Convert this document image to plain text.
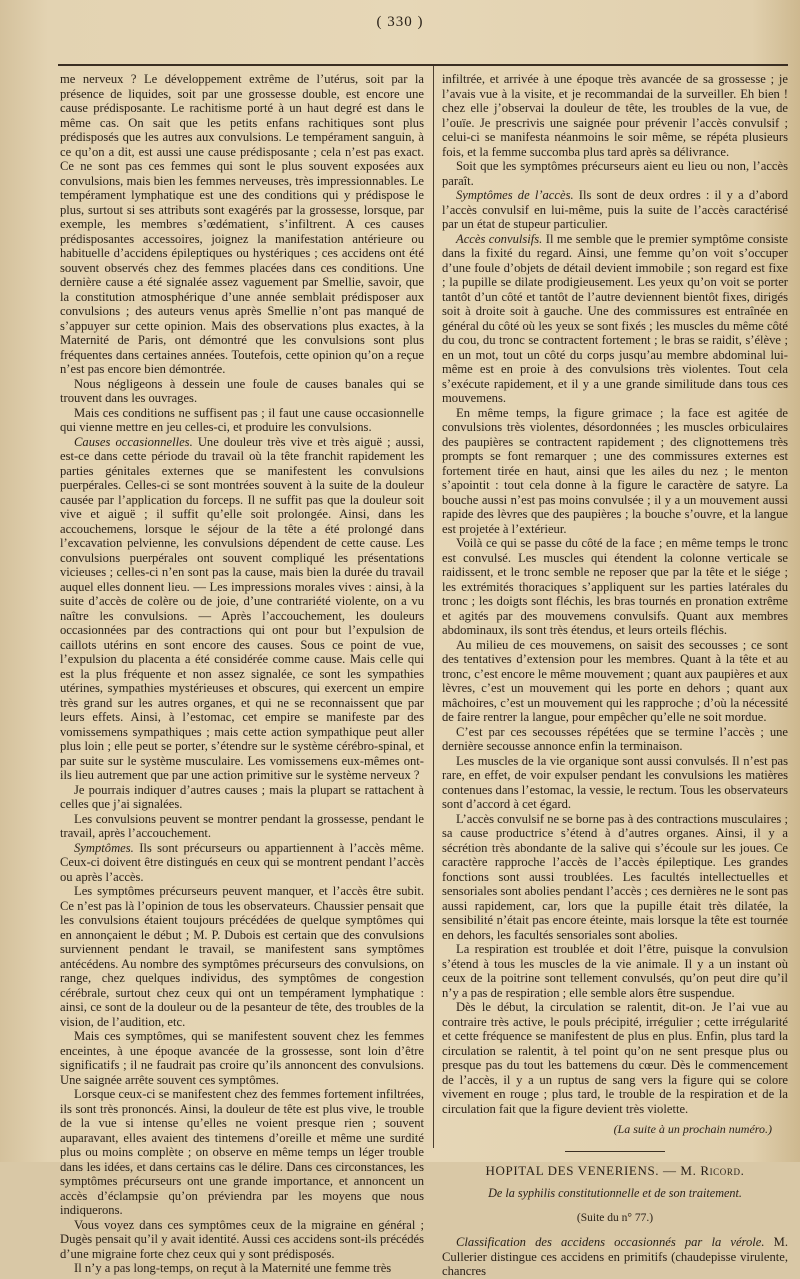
( 330 )

me nerveux ? Le développement extrême de l’utérus, soit par la présence de liquides, soit par une grossesse double, est encore une cause prédisposante. Le rachitisme porté à un haut degré est dans le même cas. On sait que les petits enfans rachitiques sont plus prédisposés que les autres aux convulsions. Le tempérament sanguin, à ce qu’on a dit, est aussi une cause prédisposante ; cela n’est pas exact. Ce ne sont pas ces femmes qui sont le plus souvent exposées aux convulsions, mais bien les femmes nerveuses, très impressionnables. Le tempérament lymphatique est une des conditions qui y prédispose le plus, surtout si ses attributs sont exagérés par la grossesse, lorsque, par exemple, les membres s’œdématient, s’infiltrent. A ces causes prédisposantes accessoires, joignez la manifestation antérieure ou habituelle d’accidens épileptiques ou hystériques ; ces accidens ont été souvent observés chez des femmes placées dans ces conditions. Une dernière cause a été signalée assez vaguement par Smellie, savoir, que la constitution atmosphérique d’une année semblait prédisposer aux convulsions ; des auteurs venus après Smellie n’ont pas manqué de s’appuyer sur cette opinion. Mais des observations plus exactes, à la Maternité de Paris, ont démontré que les convulsions sont plus fréquentes dans certaines années. Toutefois, cette opinion qu’on a reçue n’est pas encore bien démontrée.

Nous négligeons à dessein une foule de causes banales qui se trouvent dans les ouvrages.

Mais ces conditions ne suffisent pas ; il faut une cause occasionnelle qui vienne mettre en jeu celles-ci, et produire les convulsions.

Causes occasionnelles. Une douleur très vive et très aiguë ; aussi, est-ce dans cette période du travail où la tête franchit rapidement les parties génitales externes que se manifestent les convulsions puerpérales. Celles-ci se sont montrées souvent à la suite de la douleur causée par l’application du forceps. Il ne suffit pas que la douleur soit vive et aiguë ; il suffit qu’elle soit prolongée. Ainsi, dans les accouchemens, lorsque le séjour de la tête a été prolongé dans l’excavation pelvienne, les convulsions dépendent de cette cause. Les convulsions puerpérales ont souvent compliqué les présentations vicieuses ; celles-ci n’en sont pas la cause, mais bien la durée du travail auquel elles donnent lieu. — Les impressions morales vives : ainsi, à la suite d’accès de colère ou de joie, d’une contrariété violente, on a vu naître les convulsions. — Après l’accouchement, les douleurs occasionnées par des contractions qui ont pour but l’expulsion de caillots utérins en sont encore des causes. Sous ce point de vue, l’expulsion du placenta a été considérée comme cause. Mais celle qui est la plus fréquente et non assez signalée, ce sont les sympathies utérines, sympathies mystérieuses et obscures, qui exercent un empire très grand sur les autres organes, et qui ne se reconnaissent que par leurs effets. Ainsi, à l’estomac, cet empire se manifeste par des vomissemens sympathiques ; mais cette action sympathique peut aller plus loin ; elle peut se porter, s’étendre sur le système cérébro-spinal, et par suite sur le système musculaire. Les vomissemens eux-mêmes ont-ils lieu autrement que par une action primitive sur le système nerveux ?

Je pourrais indiquer d’autres causes ; mais la plupart se rattachent à celles que j’ai signalées.

Les convulsions peuvent se montrer pendant la grossesse, pendant le travail, après l’accouchement.

Symptômes. Ils sont précurseurs ou appartiennent à l’accès même. Ceux-ci doivent être distingués en ceux qui se montrent pendant l’accès ou après l’accès.

Les symptômes précurseurs peuvent manquer, et l’accès être subit. Ce n’est pas là l’opinion de tous les observateurs. Chaussier pensait que les convulsions étaient toujours précédées de quelque symptômes qui en annonçaient le début ; M. P. Dubois est certain que des convulsions surviennent pendant le travail, se manifestent sans symptômes antécédens. Au nombre des symptômes précurseurs des convulsions, on range, chez quelques individus, des symptômes de congestion cérébrale, surtout chez ceux qui ont un tempérament lymphatique : ainsi, ce sont de la douleur ou de la pesanteur de tête, des troubles de la vision, de l’audition, etc.

Mais ces symptômes, qui se manifestent souvent chez les femmes enceintes, à une époque avancée de la grossesse, sont loin d’être significatifs ; il ne faudrait pas croire qu’ils annoncent des convulsions. Une saignée arrête souvent ces symptômes.

Lorsque ceux-ci se manifestent chez des femmes fortement infiltrées, ils sont très prononcés. Ainsi, la douleur de tête est plus vive, le trouble de la vue si intense qu’elles ne voient presque rien ; souvent auparavant, elles avaient des tintemens d’oreille et même une surdité plus ou moins complète ; on observe en même temps un léger trouble dans les idées, et dans certains cas le délire. Dans ces circonstances, les symptômes précurseurs ont une grande importance, et annoncent un accès d’éclampsie qu’on préviendra par les moyens que nous indiquerons.

Vous voyez dans ces symptômes ceux de la migraine en général ; Dugès pensait qu’il y avait identité. Aussi ces accidens sont-ils précédés d’une migraine forte chez ceux qui y sont prédisposés.

Il n’y a pas long-temps, on reçut à la Maternité une femme très

infiltrée, et arrivée à une époque très avancée de sa grossesse ; je l’avais vue à la visite, et je recommandai de la surveiller. Eh bien ! chez elle j’observai la douleur de tête, les troubles de la vue, de l’ouïe. Je prescrivis une saignée pour prévenir l’accès convulsif ; celui-ci se manifesta néanmoins le soir même, se répéta plusieurs fois, et la femme succomba plus tard après sa délivrance.

Soit que les symptômes précurseurs aient eu lieu ou non, l’accès paraît.

Symptômes de l’accès. Ils sont de deux ordres : il y a d’abord l’accès convulsif en lui-même, puis la suite de l’accès caractérisé par un état de stupeur particulier.

Accès convulsifs. Il me semble que le premier symptôme consiste dans la fixité du regard. Ainsi, une femme qu’on voit s’occuper d’une foule d’objets de détail devient immobile ; son regard est fixe ; la pupille se dilate prodigieusement. Les yeux qu’on voit se porter tantôt d’un côté et tantôt de l’autre deviennent bientôt fixes, dirigés soit à droite soit à gauche. Une des commissures est entraînée en général du côté où les yeux se sont fixés ; les muscles du même côté du cou, du tronc se contractent fortement ; le bras se raidit, s’élève ; en un mot, tout un côté du corps jusqu’au membre abdominal lui-même est en proie à des convulsions très violentes. Tout cela s’exécute rapidement, et il y a une grande similitude dans tous ces mouvemens.

En même temps, la figure grimace ; la face est agitée de convulsions très violentes, désordonnées ; les muscles orbiculaires des paupières se contractent rapidement ; des clignottemens très prompts se font remarquer ; une des commissures externes est fortement tirée en haut, ainsi que les ailes du nez ; le menton s’apointit : tout cela donne à la figure le caractère de satyre. La bouche aussi n’est pas moins convulsée ; il y a un mouvement aussi rapide des lèvres que des paupières ; la bouche s’ouvre, et la langue est projetée à l’extérieur.

Voilà ce qui se passe du côté de la face ; en même temps le tronc est convulsé. Les muscles qui étendent la colonne verticale se raidissent, et le tronc semble ne reposer que par la tête et le siége ; les extrémités thoraciques s’appliquent sur les parties latérales du tronc ; les doigts sont fléchis, les bras tournés en pronation extrême et agités par des mouvemens convulsifs. Quant aux membres abdominaux, ils sont très étendus, et leurs orteils fléchis.

Au milieu de ces mouvemens, on saisit des secousses ; ce sont des tentatives d’extension pour les membres. Quant à la tête et au tronc, c’est encore le même mouvement ; quant aux paupières et aux lèvres, c’est un mouvement qui les porte en dehors ; quant aux mâchoires, c’est un mouvement qui les rapproche ; d’où la nécessité de faire rentrer la langue, pour empêcher qu’elle ne soit mordue.

C’est par ces secousses répétées que se termine l’accès ; une dernière secousse annonce enfin la terminaison.

Les muscles de la vie organique sont aussi convulsés. Il n’est pas rare, en effet, de voir expulser pendant les convulsions les matières contenues dans l’estomac, la vessie, le rectum. Tous les observateurs sont d’accord à cet égard.

L’accès convulsif ne se borne pas à des contractions musculaires ; sa cause productrice s’étend à d’autres organes. Ainsi, il y a sécrétion très abondante de la salive qui s’écoule sur les joues. Ce caractère rapproche l’accès de l’accès épileptique. Les grandes fonctions sont aussi troublées. Les facultés intellectuelles et sensoriales sont abolies pendant l’accès ; ces dernières ne le sont pas aussi rapidement, car, lors que la pupille était très dilatée, la sensibilité n’était pas encore éteinte, mais lorsque la tête est tournée en dehors, les facultés sensoriales sont abolies.

La respiration est troublée et doit l’être, puisque la convulsion s’étend à tous les muscles de la vie animale. Il y a un instant où ceux de la poitrine sont tellement convulsés, qu’on peut dire qu’il n’y a pas de respiration ; elle semble alors être suspendue.

Dès le début, la circulation se ralentit, dit-on. Je l’ai vue au contraire très active, le pouls précipité, irrégulier ; cette irrégularité et cette fréquence se manifestent de plus en plus. Enfin, plus tard la circulation se ralentit, à tel point qu’on ne sent presque plus ou presque pas du tout les battemens du cœur. Dès le commencement de l’accès, il y a un ruptus de sang vers la figure qui se colore vivement en rouge ; plus tard, le trouble de la respiration et de la circulation fait que la figure devient très violette.

(La suite à un prochain numéro.)
HOPITAL DES VENERIENS. — M. Ricord.
De la syphilis constitutionnelle et de son traitement.
(Suite du n° 77.)

Classification des accidens occasionnés par la vérole. M. Cullerier distingue ces accidens en primitifs (chaudepisse virulente, chancres
